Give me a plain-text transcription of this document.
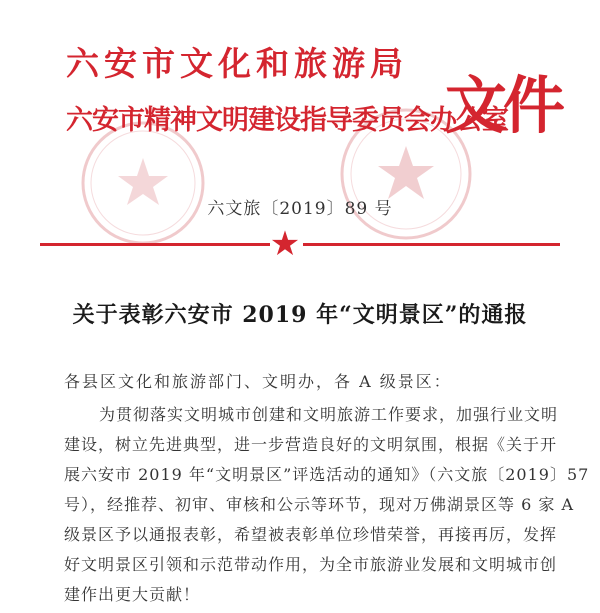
六安市文化和旅游局
六安市精神文明建设指导委员会办公室
文件
六文旅〔2019〕89 号
★
关于表彰六安市 2019 年“文明景区”的通报
各县区文化和旅游部门、文明办，各 A 级景区：
为贯彻落实文明城市创建和文明旅游工作要求，加强行业文明
建设，树立先进典型，进一步营造良好的文明氛围，根据《关于开
展六安市 2019 年“文明景区”评选活动的通知》（六文旅〔2019〕57
号），经推荐、初审、审核和公示等环节，现对万佛湖景区等 6 家 A
级景区予以通报表彰，希望被表彰单位珍惜荣誉，再接再厉，发挥
好文明景区引领和示范带动作用，为全市旅游业发展和文明城市创
建作出更大贡献！
